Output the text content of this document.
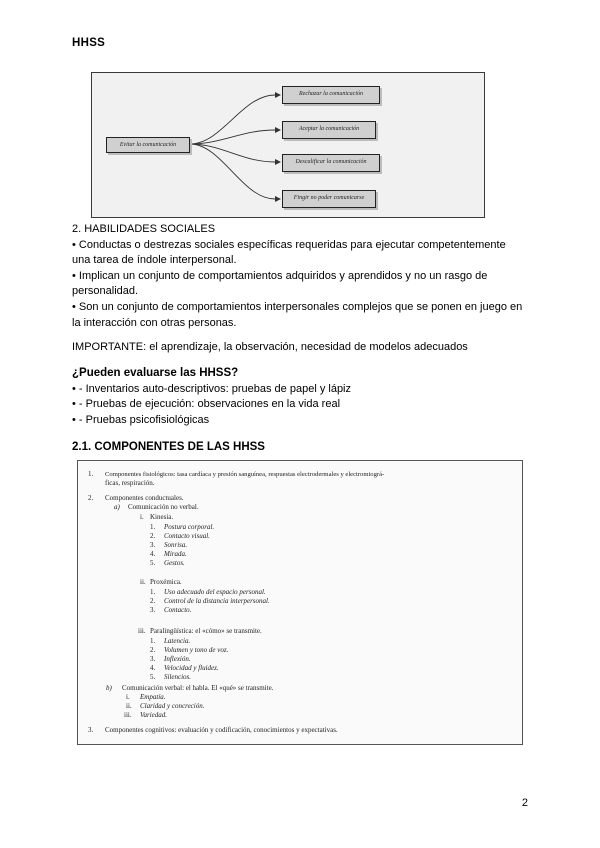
HHSS
Evitar la comunicación
Rechazar la comunicación
Aceptar la comunicación
Descalificar la comunicación
Fingir no poder comunicarse

2. HABILIDADES SOCIALES

• Conductas o destrezas sociales específicas requeridas para ejecutar competentemente

una tarea de índole interpersonal.

• Implican un conjunto de comportamientos adquiridos y aprendidos y no un rasgo de

personalidad.

• Son un conjunto de comportamientos interpersonales complejos que se ponen en juego en

la interacción con otras personas.

IMPORTANTE: el aprendizaje, la observación, necesidad de modelos adecuados

¿Pueden evaluarse las HHSS?

• - Inventarios auto-descriptivos: pruebas de papel y lápiz

• - Pruebas de ejecución: observaciones en la vida real

• - Pruebas psicofisiológicas

2.1. COMPONENTES DE LAS HHSS
1. Componentes fisiológicos: tasa cardíaca y presión sanguínea, respuestas electrodermales y electromiográ-
ficas, respiración.
2. Componentes conductuales.
a) Comunicación no verbal.
i. Kinesia.
1. Postura corporal.
2. Contacto visual.
3. Sonrisa.
4. Mirada.
5. Gestos.
ii. Proxémica.
1. Uso adecuado del espacio personal.
2. Control de la distancia interpersonal.
3. Contacto.
iii. Paralingüística: el «cómo» se transmite.
1. Latencia.
2. Volumen y tono de voz.
3. Inflexión.
4. Velocidad y fluidez.
5. Silencios.
b) Comunicación verbal: el habla. El «qué» se transmite.
i. Empatía.
ii. Claridad y concreción.
iii. Variedad.
3. Componentes cognitivos: evaluación y codificación, conocimientos y expectativas.
2
